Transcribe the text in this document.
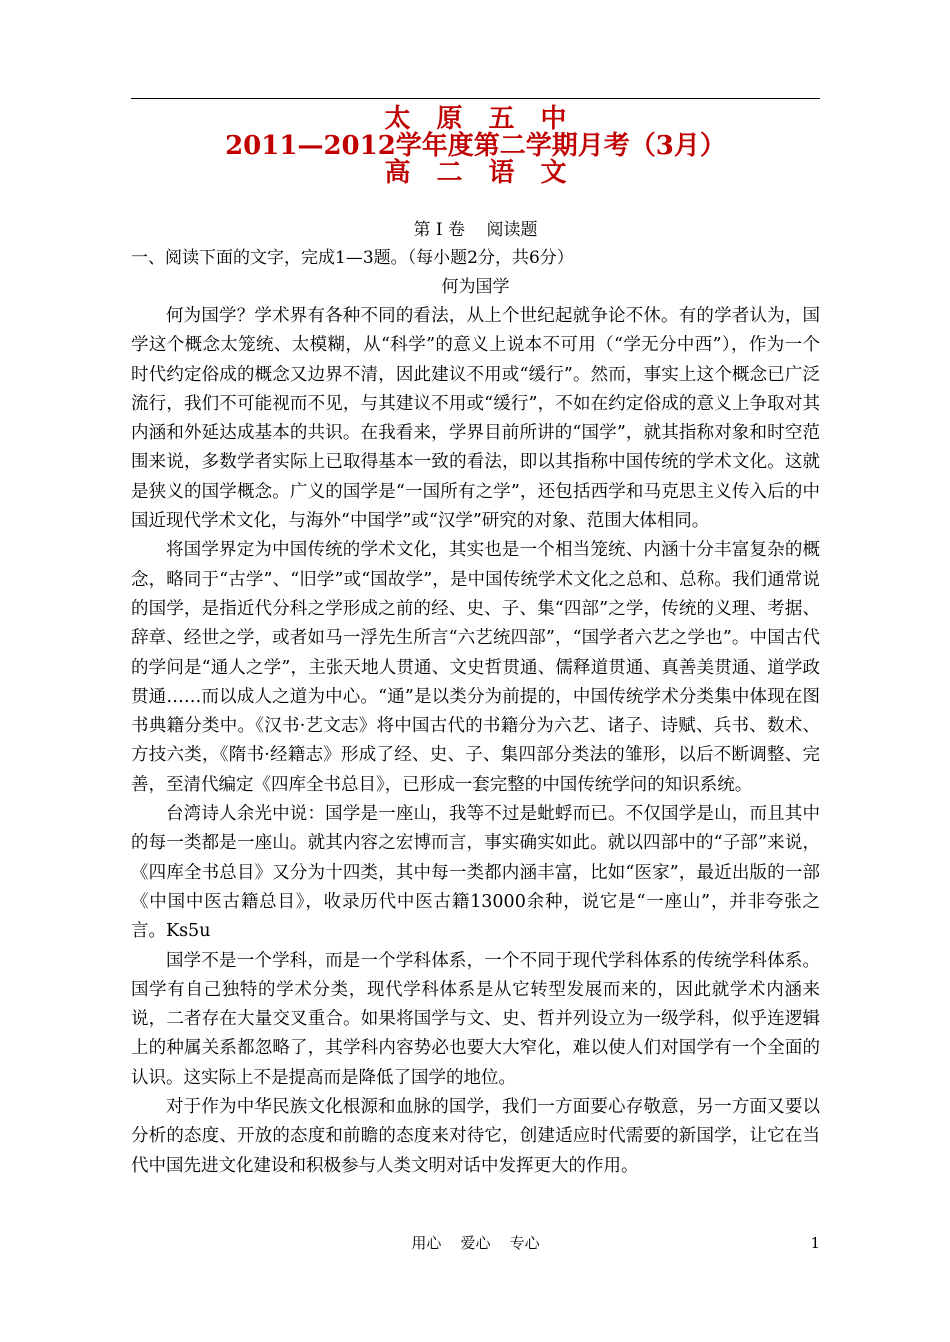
太原五中
2011—2012学年度第二学期月考（3月）
高二语文
第 Ⅰ 卷    阅读题
一、阅读下面的文字，完成1—3题。（每小题2分，共6分）
何为国学

何为国学？学术界有各种不同的看法，从上个世纪起就争论不休。有的学者认为，国学这个概念太笼统、太模糊，从“科学”的意义上说本不可用（“学无分中西”），作为一个时代约定俗成的概念又边界不清，因此建议不用或“缓行”。然而，事实上这个概念已广泛流行，我们不可能视而不见，与其建议不用或“缓行”，不如在约定俗成的意义上争取对其内涵和外延达成基本的共识。在我看来，学界目前所讲的“国学”，就其指称对象和时空范围来说，多数学者实际上已取得基本一致的看法，即以其指称中国传统的学术文化。这就是狭义的国学概念。广义的国学是“一国所有之学”，还包括西学和马克思主义传入后的中国近现代学术文化，与海外“中国学”或“汉学”研究的对象、范围大体相同。

将国学界定为中国传统的学术文化，其实也是一个相当笼统、内涵十分丰富复杂的概念，略同于“古学”、“旧学”或“国故学”，是中国传统学术文化之总和、总称。我们通常说的国学，是指近代分科之学形成之前的经、史、子、集“四部”之学，传统的义理、考据、辞章、经世之学，或者如马一浮先生所言“六艺统四部”，“国学者六艺之学也”。中国古代的学问是“通人之学”，主张天地人贯通、文史哲贯通、儒释道贯通、真善美贯通、道学政贯通……而以成人之道为中心。“通”是以类分为前提的，中国传统学术分类集中体现在图书典籍分类中。《汉书·艺文志》将中国古代的书籍分为六艺、诸子、诗赋、兵书、数术、方技六类，《隋书·经籍志》形成了经、史、子、集四部分类法的雏形，以后不断调整、完善，至清代编定《四库全书总目》，已形成一套完整的中国传统学问的知识系统。

台湾诗人余光中说：国学是一座山，我等不过是蚍蜉而已。不仅国学是山，而且其中的每一类都是一座山。就其内容之宏博而言，事实确实如此。就以四部中的“子部”来说，《四库全书总目》又分为十四类，其中每一类都内涵丰富，比如“医家”，最近出版的一部《中国中医古籍总目》，收录历代中医古籍13000余种，说它是“一座山”，并非夸张之言。Ks5u

国学不是一个学科，而是一个学科体系，一个不同于现代学科体系的传统学科体系。国学有自己独特的学术分类，现代学科体系是从它转型发展而来的，因此就学术内涵来说，二者存在大量交叉重合。如果将国学与文、史、哲并列设立为一级学科，似乎连逻辑上的种属关系都忽略了，其学科内容势必也要大大窄化，难以使人们对国学有一个全面的认识。这实际上不是提高而是降低了国学的地位。

对于作为中华民族文化根源和血脉的国学，我们一方面要心存敬意，另一方面又要以分析的态度、开放的态度和前瞻的态度来对待它，创建适应时代需要的新国学，让它在当代中国先进文化建设和积极参与人类文明对话中发挥更大的作用。

用心    爱心    专心	1
